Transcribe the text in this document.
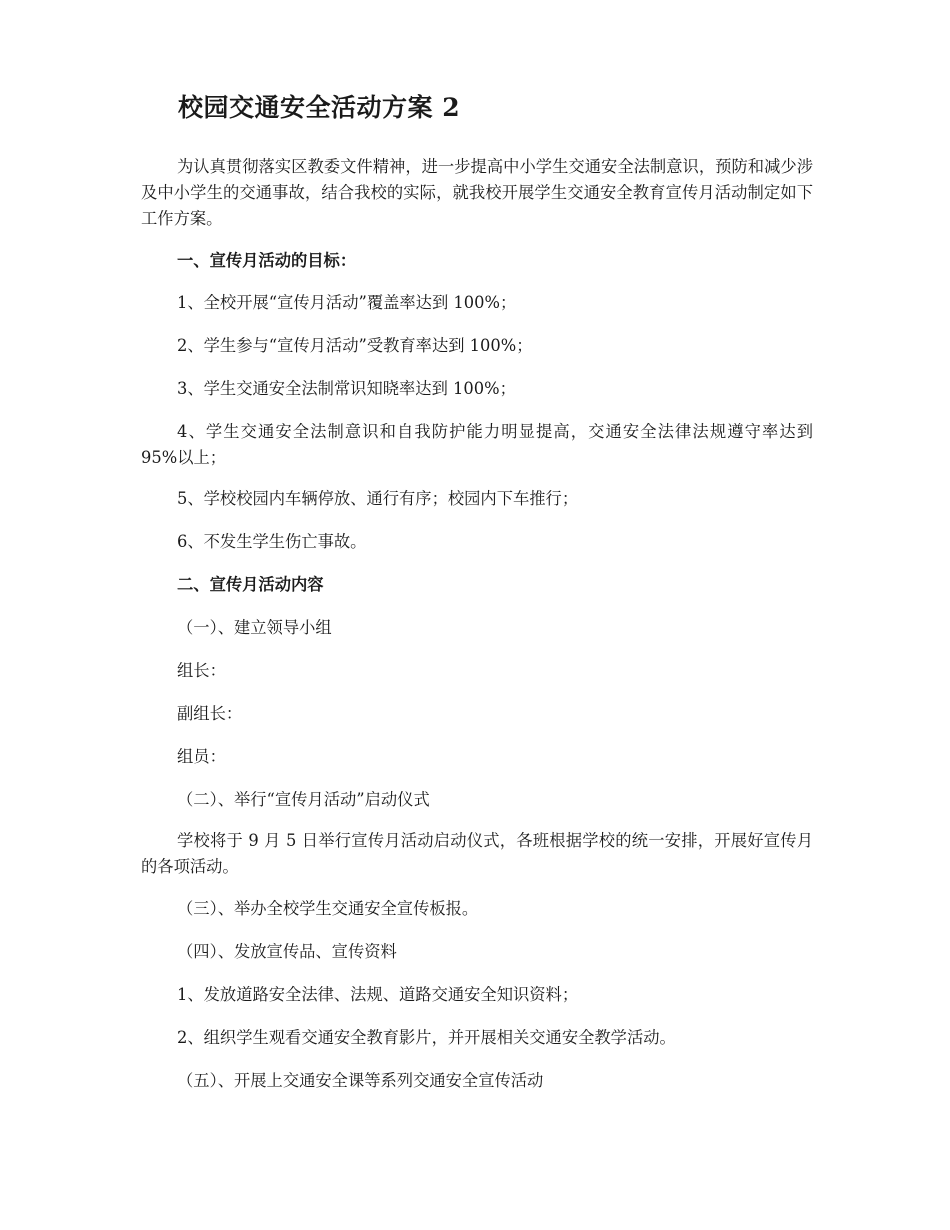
校园交通安全活动方案 2

为认真贯彻落实区教委文件精神，进一步提高中小学生交通安全法制意识，预防和减少涉及中小学生的交通事故，结合我校的实际，就我校开展学生交通安全教育宣传月活动制定如下工作方案。

一、宣传月活动的目标：

1、全校开展“宣传月活动”覆盖率达到 100%；

2、学生参与“宣传月活动”受教育率达到 100%；

3、学生交通安全法制常识知晓率达到 100%；

4、学生交通安全法制意识和自我防护能力明显提高，交通安全法律法规遵守率达到 95%以上；

5、学校校园内车辆停放、通行有序；校园内下车推行；

6、不发生学生伤亡事故。

二、宣传月活动内容

（一）、建立领导小组

组长：

副组长：

组员：

（二）、举行“宣传月活动”启动仪式

学校将于 9 月 5 日举行宣传月活动启动仪式，各班根据学校的统一安排，开展好宣传月的各项活动。

（三）、举办全校学生交通安全宣传板报。

（四）、发放宣传品、宣传资料

1、发放道路安全法律、法规、道路交通安全知识资料；

2、组织学生观看交通安全教育影片，并开展相关交通安全教学活动。

（五）、开展上交通安全课等系列交通安全宣传活动
